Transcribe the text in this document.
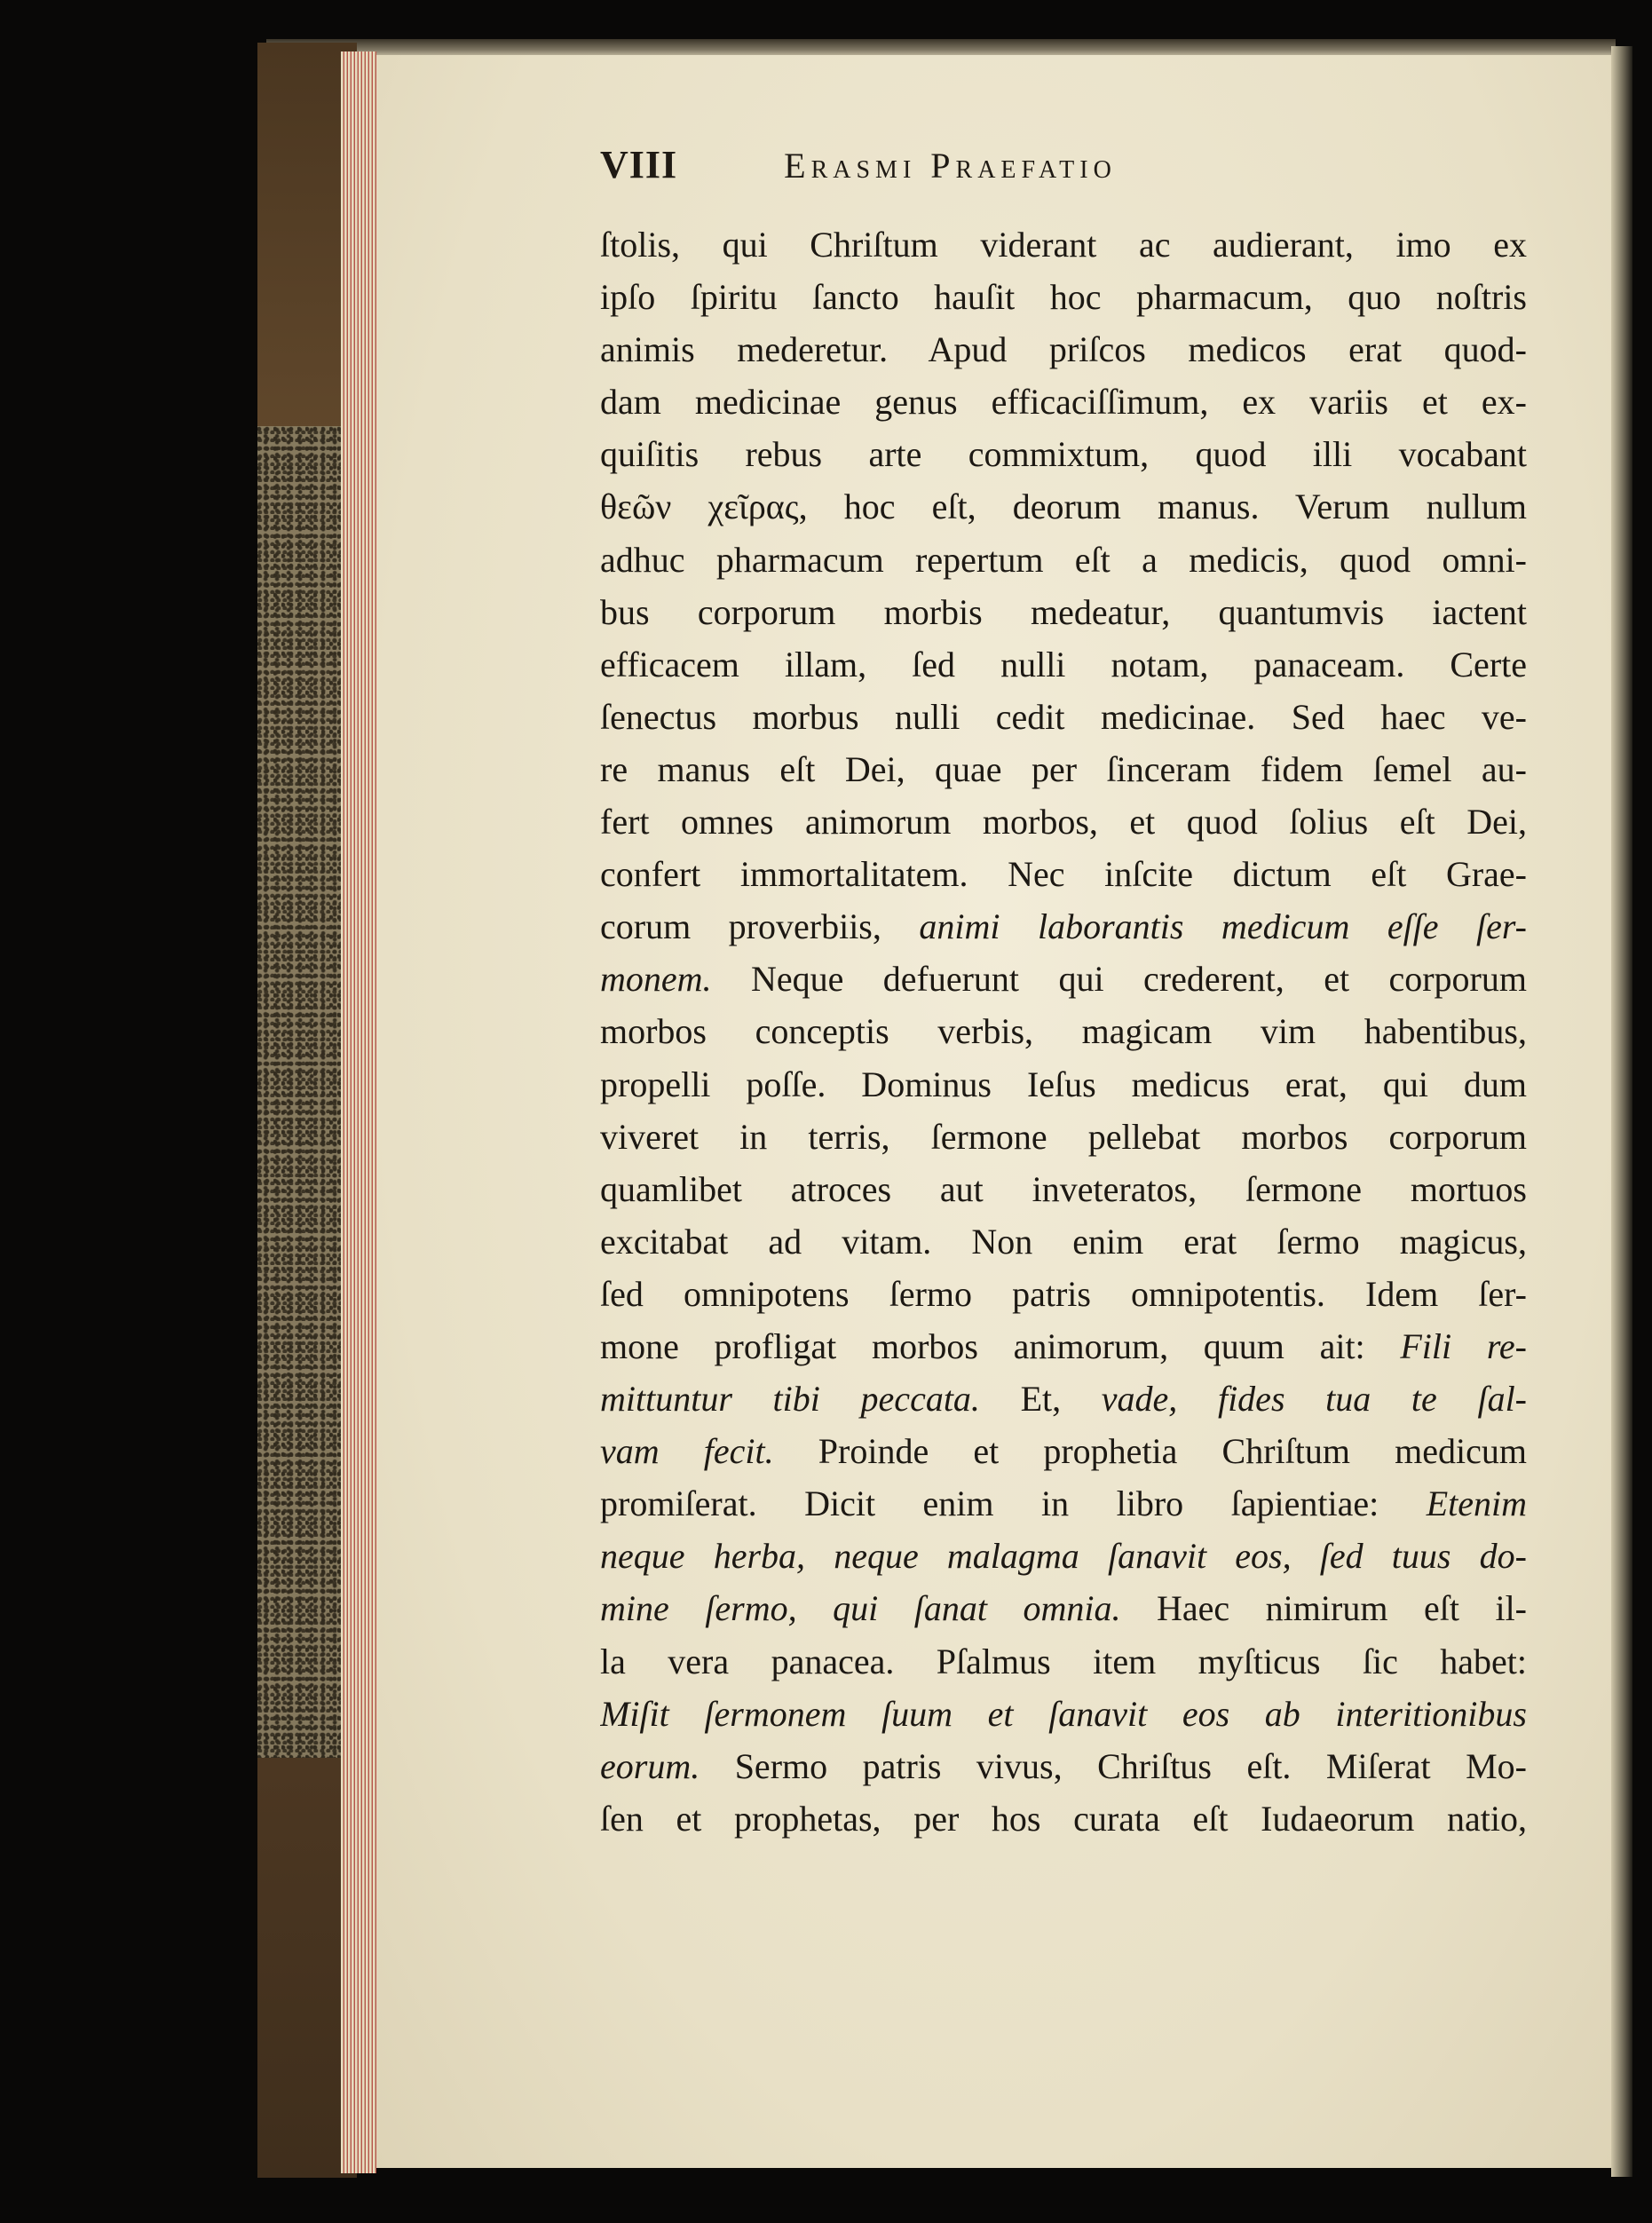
VIII	Erasmi Praefatio
ſtolis, qui Chriſtum viderant ac audierant, imo ex
ipſo ſpiritu ſancto hauſit hoc pharmacum, quo noſtris
animis mederetur. Apud priſcos medicos erat quod-
dam medicinae genus efficaciſſimum, ex variis et ex-
quiſitis rebus arte commixtum, quod illi vocabant
θεῶν χεῖρας, hoc eſt, deorum manus. Verum nullum
adhuc pharmacum repertum eſt a medicis, quod omni-
bus corporum morbis medeatur, quantumvis iactent
efficacem illam, ſed nulli notam, panaceam. Certe
ſenectus morbus nulli cedit medicinae. Sed haec ve-
re manus eſt Dei, quae per ſinceram fidem ſemel au-
fert omnes animorum morbos, et quod ſolius eſt Dei,
confert immortalitatem. Nec inſcite dictum eſt Grae-
corum proverbiis, animi laborantis medicum eſſe ſer-
monem. Neque defuerunt qui crederent, et corporum
morbos conceptis verbis, magicam vim habentibus,
propelli poſſe. Dominus Ieſus medicus erat, qui dum
viveret in terris, ſermone pellebat morbos corporum
quamlibet atroces aut inveteratos, ſermone mortuos
excitabat ad vitam. Non enim erat ſermo magicus,
ſed omnipotens ſermo patris omnipotentis. Idem ſer-
mone profligat morbos animorum, quum ait: Fili re-
mittuntur tibi peccata. Et, vade, fides tua te ſal-
vam fecit. Proinde et prophetia Chriſtum medicum
promiſerat. Dicit enim in libro ſapientiae: Etenim
neque herba, neque malagma ſanavit eos, ſed tuus do-
mine ſermo, qui ſanat omnia. Haec nimirum eſt il-
la vera panacea. Pſalmus item myſticus ſic habet:
Miſit ſermonem ſuum et ſanavit eos ab interitionibus
eorum. Sermo patris vivus, Chriſtus eſt. Miſerat Mo-
ſen et prophetas, per hos curata eſt Iudaeorum natio,
